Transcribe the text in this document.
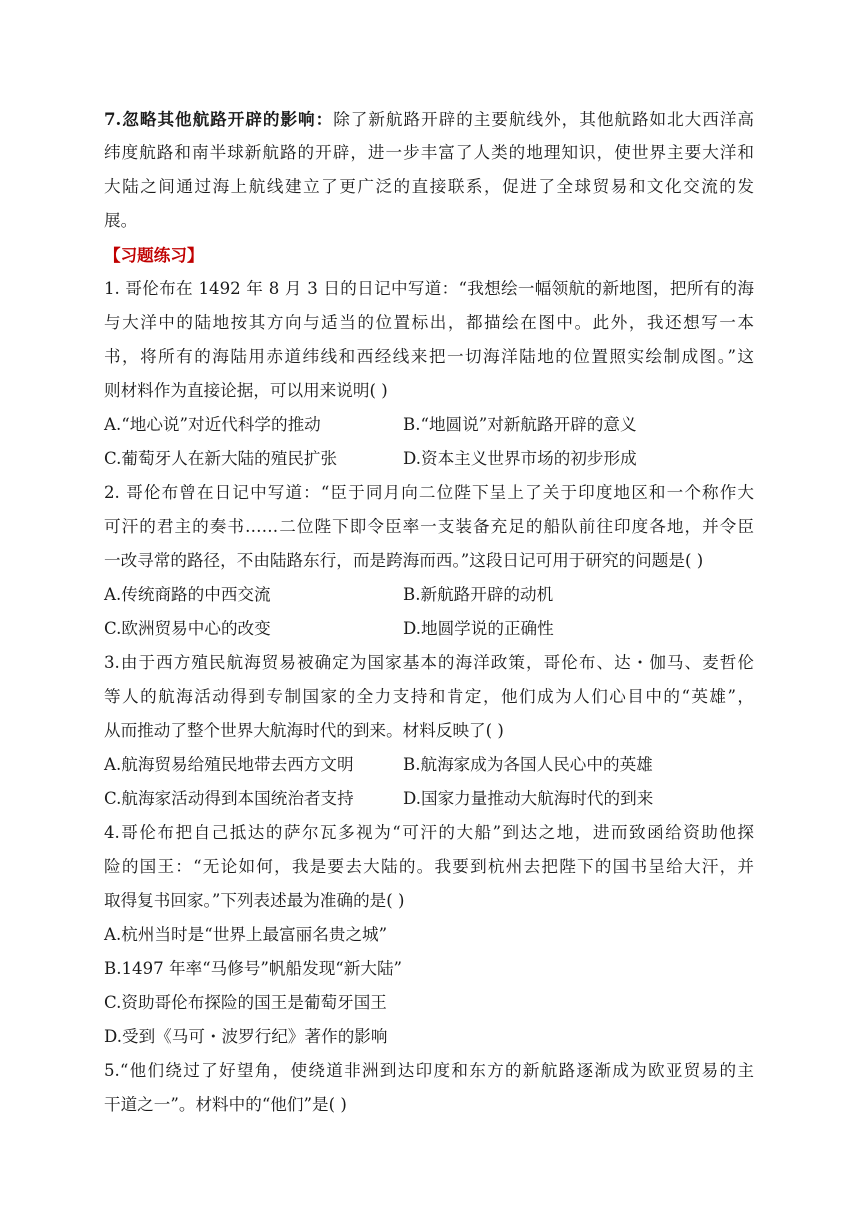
7.忽略其他航路开辟的影响：除了新航路开辟的主要航线外，其他航路如北大西洋高
纬度航路和南半球新航路的开辟，进一步丰富了人类的地理知识，使世界主要大洋和
大陆之间通过海上航线建立了更广泛的直接联系，促进了全球贸易和文化交流的发
展。
【习题练习】
1. 哥伦布在 1492 年 8 月 3 日的日记中写道：“我想绘一幅领航的新地图，把所有的海
与大洋中的陆地按其方向与适当的位置标出，都描绘在图中。此外，我还想写一本
书，将所有的海陆用赤道纬线和西经线来把一切海洋陆地的位置照实绘制成图。”这
则材料作为直接论据，可以用来说明( )
A.“地心说”对近代科学的推动	B.“地圆说”对新航路开辟的意义
C.葡萄牙人在新大陆的殖民扩张	D.资本主义世界市场的初步形成
2. 哥伦布曾在日记中写道：“臣于同月向二位陛下呈上了关于印度地区和一个称作大
可汗的君主的奏书……二位陛下即令臣率一支装备充足的船队前往印度各地，并令臣
一改寻常的路径，不由陆路东行，而是跨海而西。”这段日记可用于研究的问题是( )
A.传统商路的中西交流	B.新航路开辟的动机
C.欧洲贸易中心的改变	D.地圆学说的正确性
3.由于西方殖民航海贸易被确定为国家基本的海洋政策，哥伦布、达・伽马、麦哲伦
等人的航海活动得到专制国家的全力支持和肯定，他们成为人们心目中的“英雄”，
从而推动了整个世界大航海时代的到来。材料反映了( )
A.航海贸易给殖民地带去西方文明	B.航海家成为各国人民心中的英雄
C.航海家活动得到本国统治者支持	D.国家力量推动大航海时代的到来
4.哥伦布把自己抵达的萨尔瓦多视为“可汗的大船”到达之地，进而致函给资助他探
险的国王：“无论如何，我是要去大陆的。我要到杭州去把陛下的国书呈给大汗，并
取得复书回家。”下列表述最为准确的是( )
A.杭州当时是“世界上最富丽名贵之城”
B.1497 年率“马修号”帆船发现“新大陆”
C.资助哥伦布探险的国王是葡萄牙国王
D.受到《马可・波罗行纪》著作的影响
5.“他们绕过了好望角，使绕道非洲到达印度和东方的新航路逐渐成为欧亚贸易的主
干道之一”。材料中的“他们”是( )
